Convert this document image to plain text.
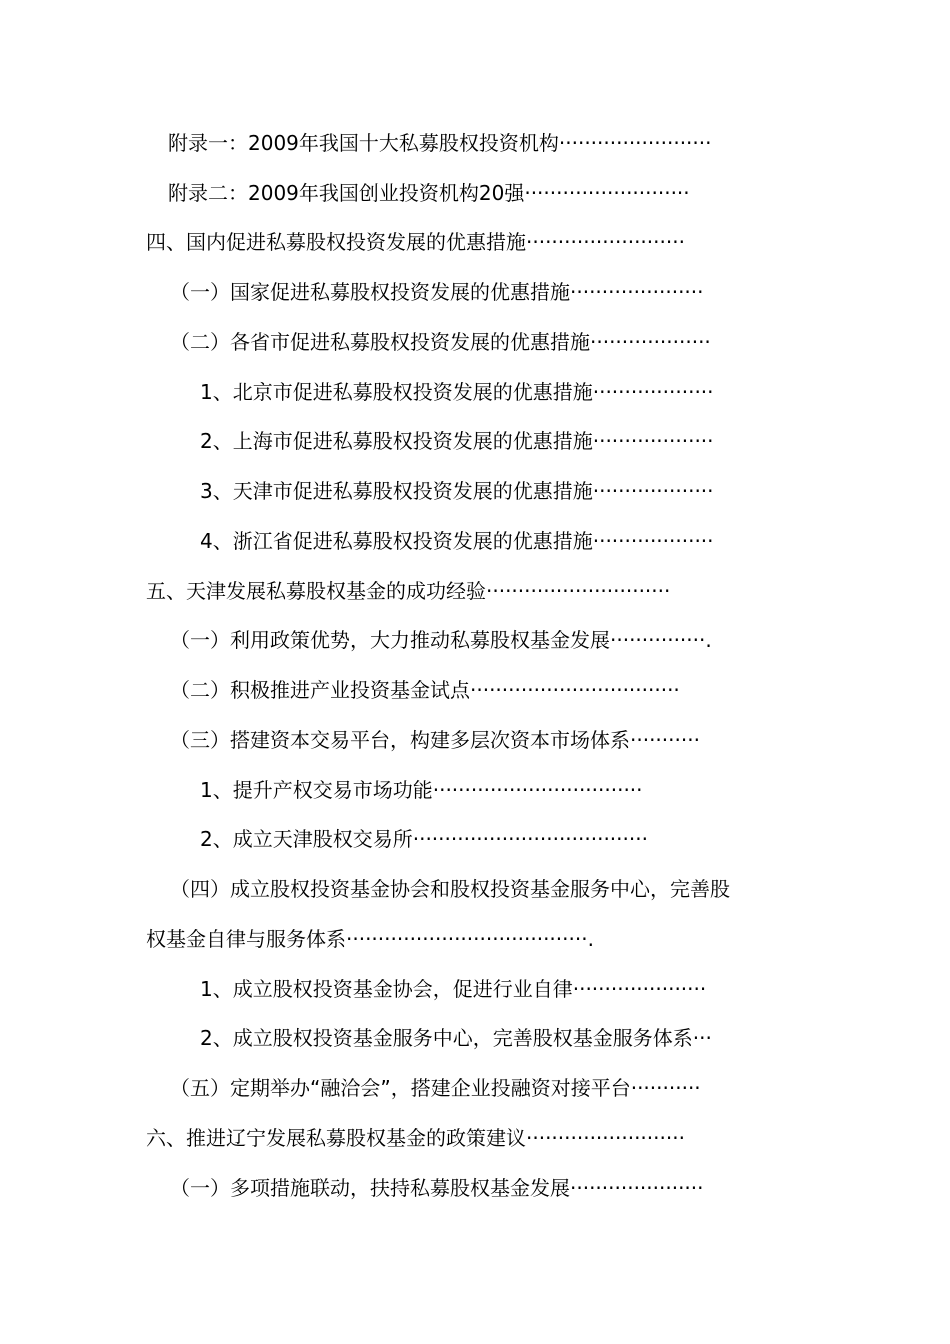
附录一：2009年我国十大私募股权投资机构························
附录二：2009年我国创业投资机构20强··························
四、国内促进私募股权投资发展的优惠措施·························
（一）国家促进私募股权投资发展的优惠措施·····················
（二）各省市促进私募股权投资发展的优惠措施···················
1、北京市促进私募股权投资发展的优惠措施···················
2、上海市促进私募股权投资发展的优惠措施···················
3、天津市促进私募股权投资发展的优惠措施···················
4、浙江省促进私募股权投资发展的优惠措施···················
五、天津发展私募股权基金的成功经验·····························
（一）利用政策优势，大力推动私募股权基金发展···············.
（二）积极推进产业投资基金试点·································
（三）搭建资本交易平台，构建多层次资本市场体系···········
1、提升产权交易市场功能·································
2、成立天津股权交易所·····································
（四）成立股权投资基金协会和股权投资基金服务中心，完善股
权基金自律与服务体系······································.
1、成立股权投资基金协会，促进行业自律·····················
2、成立股权投资基金服务中心，完善股权基金服务体系···
（五）定期举办“融洽会”，搭建企业投融资对接平台···········
六、推进辽宁发展私募股权基金的政策建议·························
（一）多项措施联动，扶持私募股权基金发展·····················
